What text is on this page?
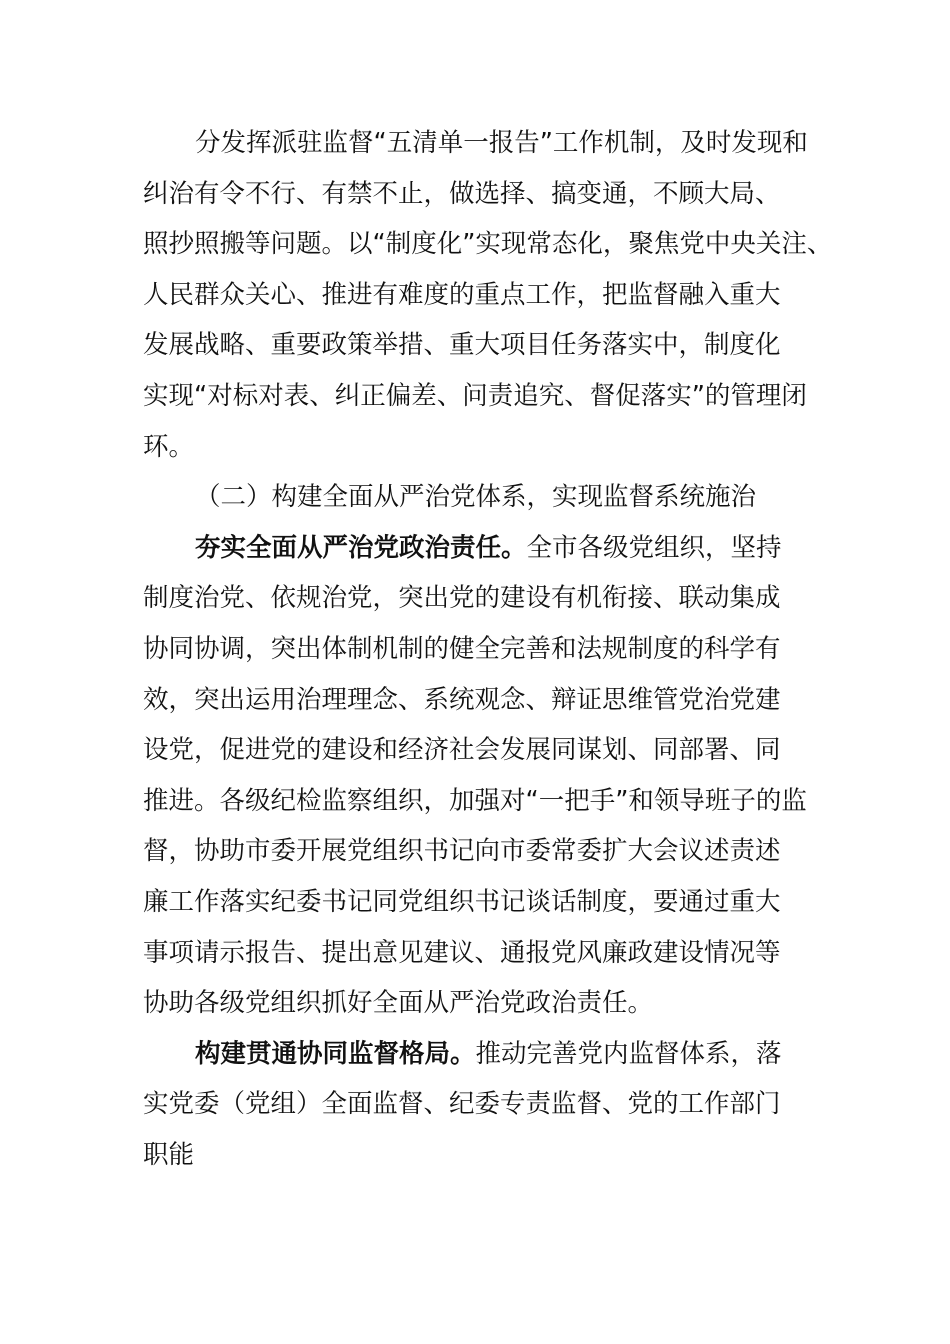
分发挥派驻监督“五清单一报告”工作机制，及时发现和
纠治有令不行、有禁不止，做选择、搞变通，不顾大局、
照抄照搬等问题。以“制度化”实现常态化，聚焦党中央关注、
人民群众关心、推进有难度的重点工作，把监督融入重大
发展战略、重要政策举措、重大项目任务落实中，制度化
实现“对标对表、纠正偏差、问责追究、督促落实”的管理闭
环。
（二）构建全面从严治党体系，实现监督系统施治
夯实全面从严治党政治责任。全市各级党组织，坚持
制度治党、依规治党，突出党的建设有机衔接、联动集成
协同协调，突出体制机制的健全完善和法规制度的科学有
效，突出运用治理理念、系统观念、辩证思维管党治党建
设党，促进党的建设和经济社会发展同谋划、同部署、同
推进。各级纪检监察组织，加强对“一把手”和领导班子的监
督，协助市委开展党组织书记向市委常委扩大会议述责述
廉工作落实纪委书记同党组织书记谈话制度，要通过重大
事项请示报告、提出意见建议、通报党风廉政建设情况等
协助各级党组织抓好全面从严治党政治责任。
构建贯通协同监督格局。推动完善党内监督体系，落
实党委（党组）全面监督、纪委专责监督、党的工作部门
职能
